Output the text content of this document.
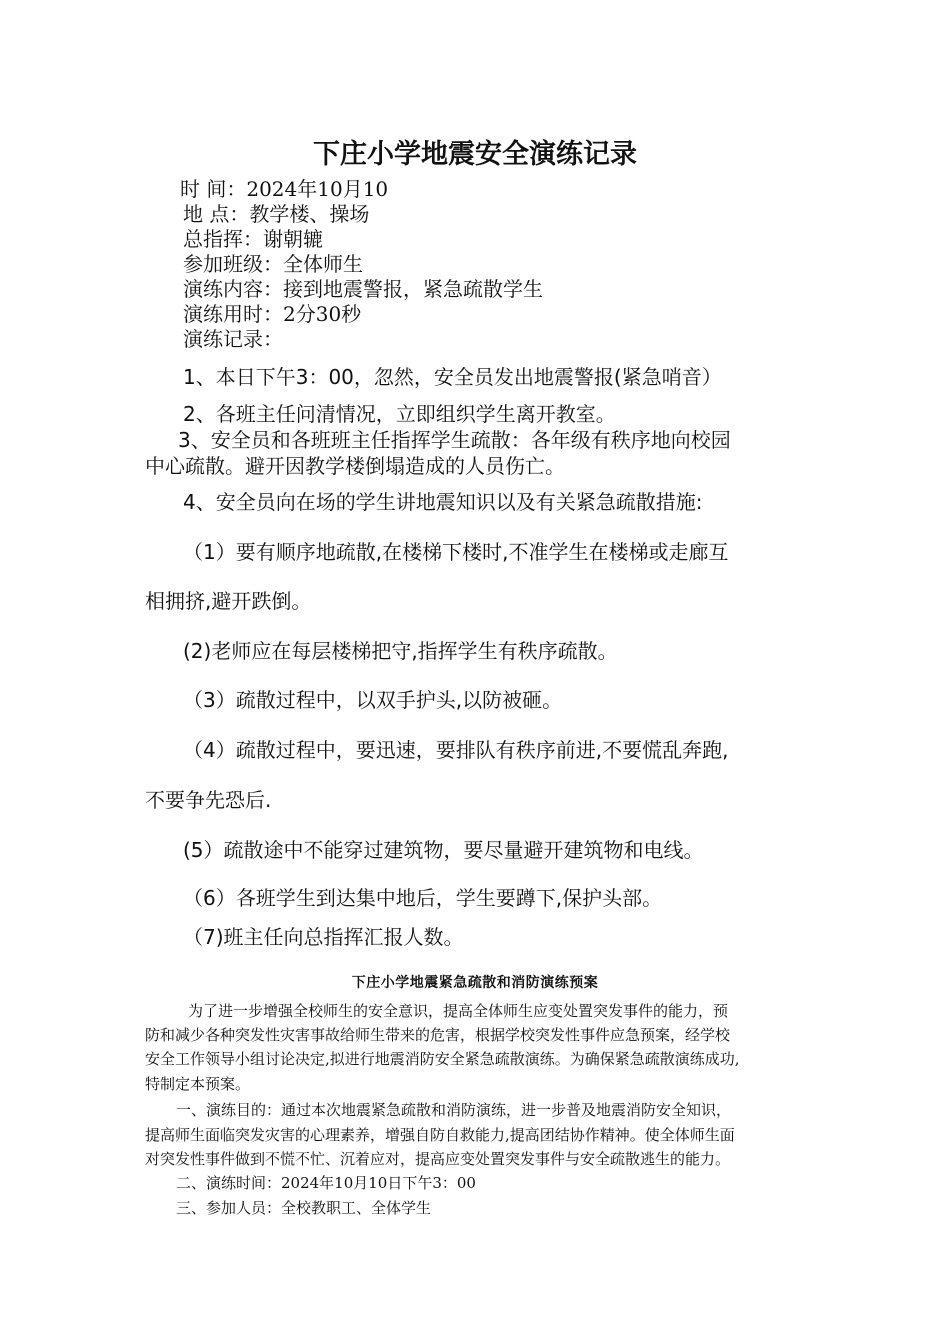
下庄小学地震安全演练记录
时 间：2024年10月10
地 点：教学楼、操场
总指挥：谢朝辘
参加班级：全体师生
演练内容：接到地震警报，紧急疏散学生
演练用时：2分30秒
演练记录：
1、本日下午3：00，忽然，安全员发出地震警报(紧急哨音）
2、各班主任问清情况，立即组织学生离开教室。
3、安全员和各班班主任指挥学生疏散：各年级有秩序地向校园
中心疏散。避开因教学楼倒塌造成的人员伤亡。
4、安全员向在场的学生讲地震知识以及有关紧急疏散措施:
（1）要有顺序地疏散,在楼梯下楼时,不准学生在楼梯或走廊互
相拥挤,避开跌倒。
(2)老师应在每层楼梯把守,指挥学生有秩序疏散。
（3）疏散过程中，以双手护头,以防被砸。
（4）疏散过程中，要迅速，要排队有秩序前进,不要慌乱奔跑,
不要争先恐后.
(5）疏散途中不能穿过建筑物，要尽量避开建筑物和电线。
（6）各班学生到达集中地后，学生要蹲下,保护头部。
（7)班主任向总指挥汇报人数。
下庄小学地震紧急疏散和消防演练预案
为了进一步增强全校师生的安全意识，提高全体师生应变处置突发事件的能力，预
防和减少各种突发性灾害事故给师生带来的危害，根据学校突发性事件应急预案，经学校
安全工作领导小组讨论决定,拟进行地震消防安全紧急疏散演练。为确保紧急疏散演练成功,
特制定本预案。
一、演练目的：通过本次地震紧急疏散和消防演练，进一步普及地震消防安全知识，
提高师生面临突发灾害的心理素养，增强自防自救能力,提高团结协作精神。使全体师生面
对突发性事件做到不慌不忙、沉着应对，提高应变处置突发事件与安全疏散逃生的能力。
二、演练时间：2024年10月10日下午3：00
三、参加人员：全校教职工、全体学生
